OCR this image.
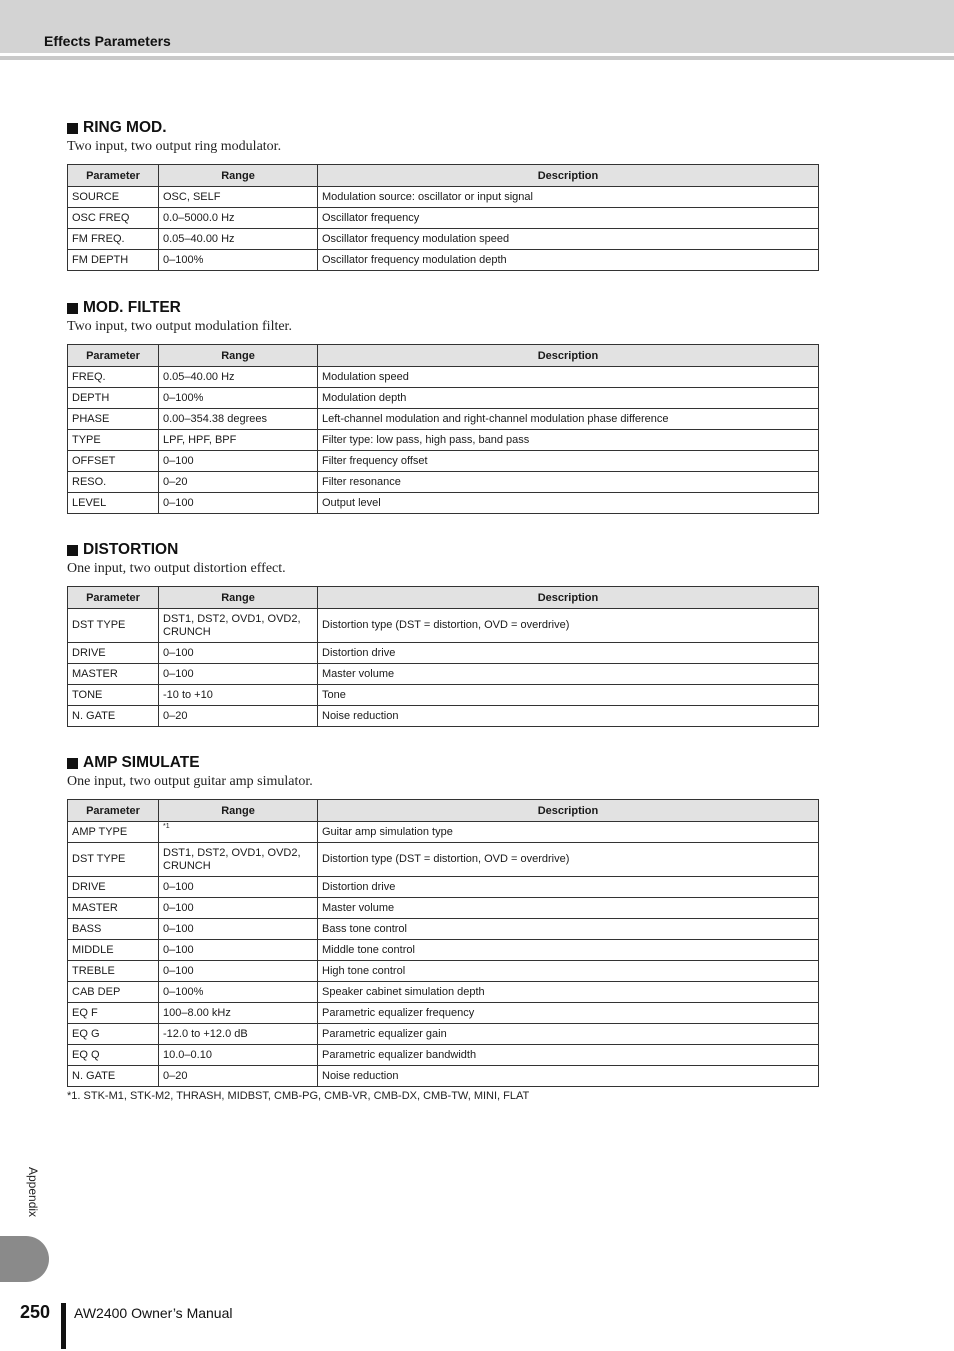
Effects Parameters
RING MOD.
Two input, two output ring modulator.
Parameter	Range	Description
SOURCE	OSC, SELF	Modulation source: oscillator or input signal
OSC FREQ	0.0–5000.0 Hz	Oscillator frequency
FM FREQ.	0.05–40.00 Hz	Oscillator frequency modulation speed
FM DEPTH	0–100%	Oscillator frequency modulation depth
MOD. FILTER
Two input, two output modulation filter.
Parameter	Range	Description
FREQ.	0.05–40.00 Hz	Modulation speed
DEPTH	0–100%	Modulation depth
PHASE	0.00–354.38 degrees	Left-channel modulation and right-channel modulation phase difference
TYPE	LPF, HPF, BPF	Filter type: low pass, high pass, band pass
OFFSET	0–100	Filter frequency offset
RESO.	0–20	Filter resonance
LEVEL	0–100	Output level
DISTORTION
One input, two output distortion effect.
Parameter	Range	Description
DST TYPE	DST1, DST2, OVD1, OVD2, CRUNCH	Distortion type (DST = distortion, OVD = overdrive)
DRIVE	0–100	Distortion drive
MASTER	0–100	Master volume
TONE	-10 to +10	Tone
N. GATE	0–20	Noise reduction
AMP SIMULATE
One input, two output guitar amp simulator.
Parameter	Range	Description
AMP TYPE	$^{*1}$	Guitar amp simulation type
DST TYPE	DST1, DST2, OVD1, OVD2, CRUNCH	Distortion type (DST = distortion, OVD = overdrive)
DRIVE	0–100	Distortion drive
MASTER	0–100	Master volume
BASS	0–100	Bass tone control
MIDDLE	0–100	Middle tone control
TREBLE	0–100	High tone control
CAB DEP	0–100%	Speaker cabinet simulation depth
EQ F	100–8.00 kHz	Parametric equalizer frequency
EQ G	-12.0 to +12.0 dB	Parametric equalizer gain
EQ Q	10.0–0.10	Parametric equalizer bandwidth
N. GATE	0–20	Noise reduction
*1. STK-M1, STK-M2, THRASH, MIDBST, CMB-PG, CMB-VR, CMB-DX, CMB-TW, MINI, FLAT
Appendix
250 AW2400 Owner’s Manual
